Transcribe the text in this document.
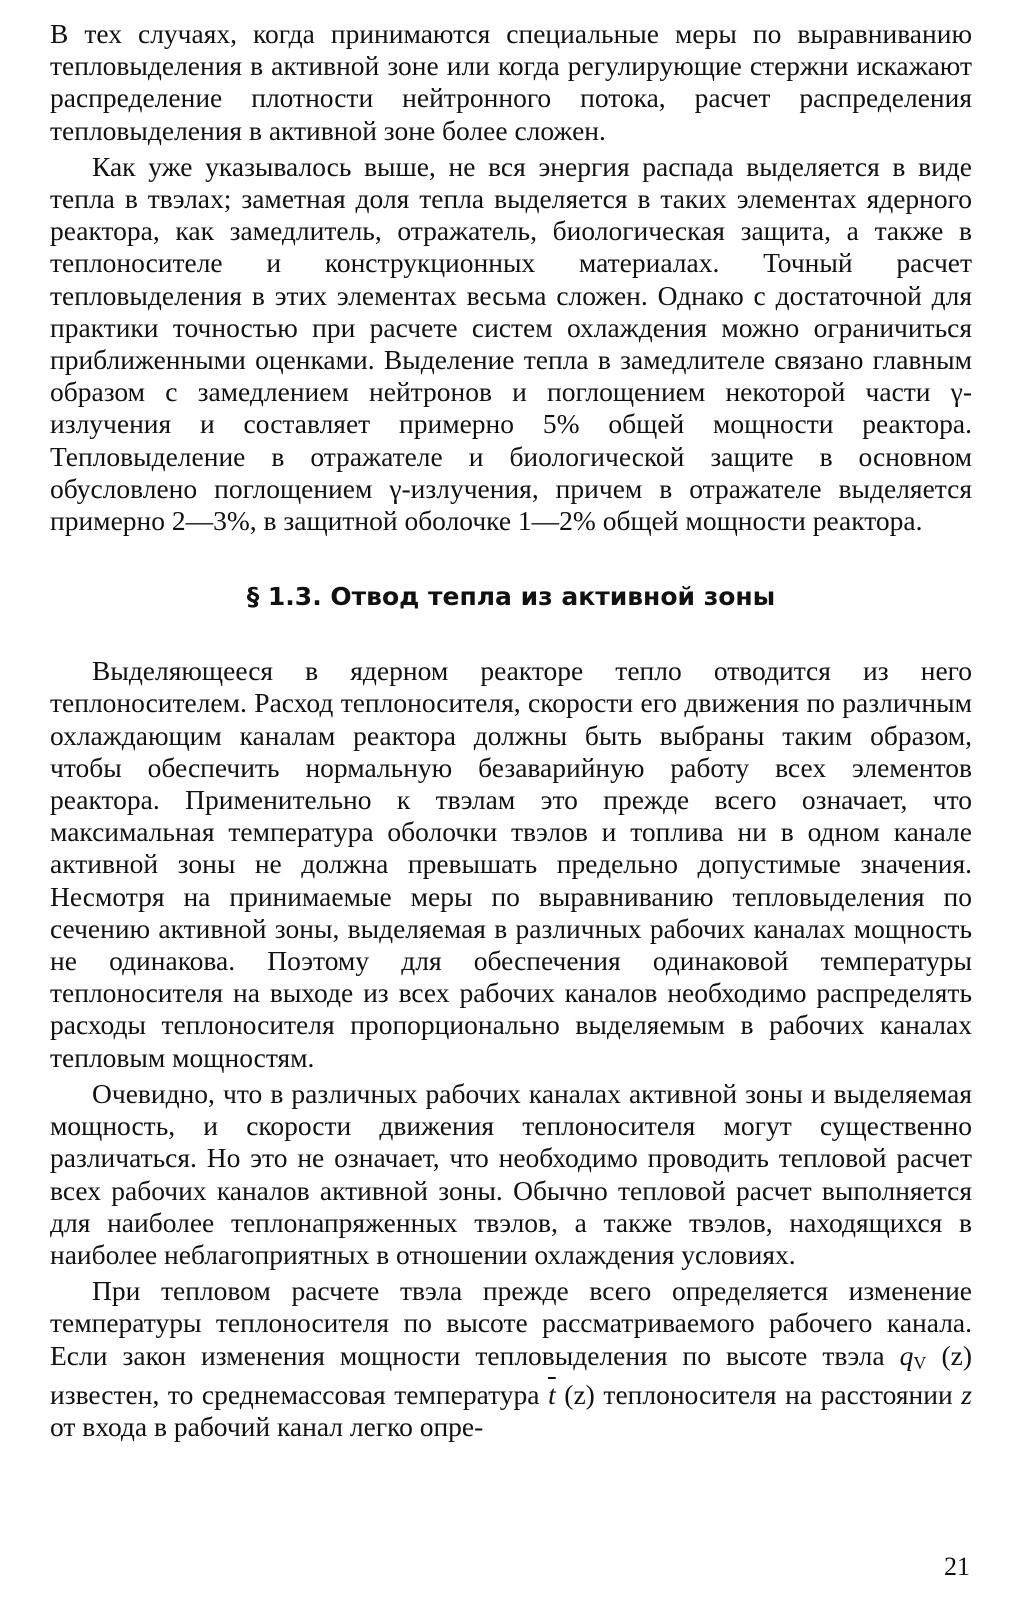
В тех случаях, когда принимаются специальные меры по выравниванию тепловыделения в активной зоне или когда регулирующие стержни искажают распределение плотности нейтронного потока, расчет распределения тепловыделения в активной зоне более сложен.

Как уже указывалось выше, не вся энергия распада выделяется в виде тепла в твэлах; заметная доля тепла выделяется в таких элементах ядерного реактора, как замедлитель, отражатель, биологическая защита, а также в теплоносителе и конструкционных материалах. Точный расчет тепловыделения в этих элементах весьма сложен. Однако с достаточной для практики точностью при расчете систем охлаждения можно ограничиться приближенными оценками. Выделение тепла в замедлителе связано главным образом с замедлением нейтронов и поглощением некоторой части γ-излучения и составляет примерно 5% общей мощности реактора. Тепловыделение в отражателе и биологической защите в основном обусловлено поглощением γ-излучения, причем в отражателе выделяется примерно 2—3%, в защитной оболочке 1—2% общей мощности реактора.

§ 1.3. Отвод тепла из активной зоны

Выделяющееся в ядерном реакторе тепло отводится из него теплоносителем. Расход теплоносителя, скорости его движения по различным охлаждающим каналам реактора должны быть выбраны таким образом, чтобы обеспечить нормальную безаварийную работу всех элементов реактора. Применительно к твэлам это прежде всего означает, что максимальная температура оболочки твэлов и топлива ни в одном канале активной зоны не должна превышать предельно допустимые значения. Несмотря на принимаемые меры по выравниванию тепловыделения по сечению активной зоны, выделяемая в различных рабочих каналах мощность не одинакова. Поэтому для обеспечения одинаковой температуры теплоносителя на выходе из всех рабочих каналов необходимо распределять расходы теплоносителя пропорционально выделяемым в рабочих каналах тепловым мощностям.

Очевидно, что в различных рабочих каналах активной зоны и выделяемая мощность, и скорости движения теплоносителя могут существенно различаться. Но это не означает, что необходимо проводить тепловой расчет всех рабочих каналов активной зоны. Обычно тепловой расчет выполняется для наиболее теплонапряженных твэлов, а также твэлов, находящихся в наиболее неблагоприятных в отношении охлаждения условиях.

При тепловом расчете твэла прежде всего определяется изменение температуры теплоносителя по высоте рассматриваемого рабочего канала. Если закон изменения мощности тепловыделения по высоте твэла $q_V$ (z) известен, то среднемассовая температура $\overline{t}$ (z) теплоносителя на расстоянии z от входа в рабочий канал легко опре-

21
